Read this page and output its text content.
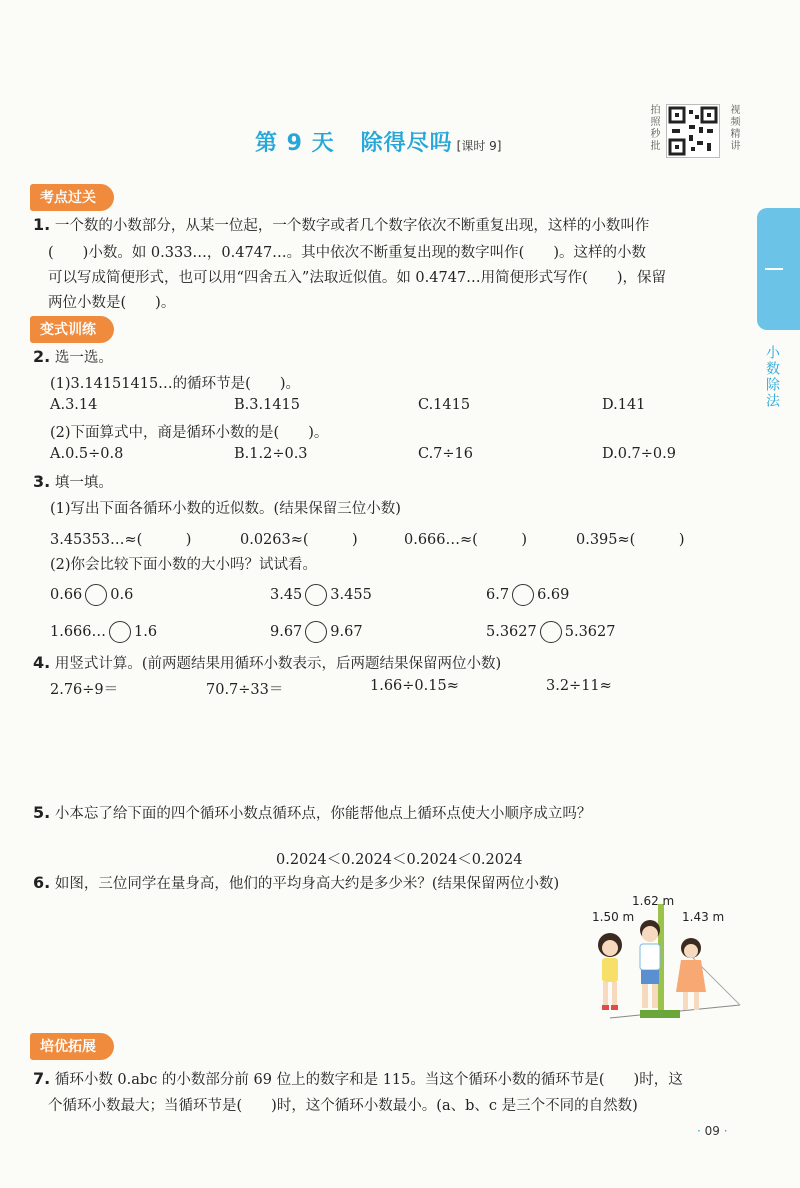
第 9 天 除得尽吗 [课时 9]	拍照秒批	视频精讲
小数除法
考点过关
1. 一个数的小数部分，从某一位起，一个数字或者几个数字依次不断重复出现，这样的小数叫作
(　　)小数。如 0.333…，0.4747…。其中依次不断重复出现的数字叫作(　　)。这样的小数
可以写成简便形式，也可以用“四舍五入”法取近似值。如 0.4747…用简便形式写作(　　)，保留
两位小数是(　　)。
变式训练
2. 选一选。
(1)3.14151415…的循环节是(　　)。
A.3.14	B.3.1415	C.1415	D.141
(2)下面算式中，商是循环小数的是(　　)。
A.0.5÷0.8	B.1.2÷0.3	C.7÷16	D.0.7÷0.9
3. 填一填。
(1)写出下面各循环小数的近似数。(结果保留三位小数)
3.45353…≈(　　　)	0.0263≈(　　　)	0.666…≈(　　　)	0.395≈(　　　)
(2)你会比较下面小数的大小吗？试试看。
0.66 0.6	3.45 3.455	6.7 6.69
1.666… 1.6	9.67 9.67	5.3627 5.3627
4. 用竖式计算。(前两题结果用循环小数表示，后两题结果保留两位小数)
2.76÷9＝	70.7÷33＝	1.66÷0.15≈	3.2÷11≈
5. 小本忘了给下面的四个循环小数点循环点，你能帮他点上循环点使大小顺序成立吗？
0.2024＜0.2024＜0.2024＜0.2024
6. 如图，三位同学在量身高，他们的平均身高大约是多少米？(结果保留两位小数)
1.50 m
1.62 m
1.43 m
培优拓展
7. 循环小数 0.abc 的小数部分前 69 位上的数字和是 115。当这个循环小数的循环节是(　　)时，这
个循环小数最大；当循环节是(　　)时，这个循环小数最小。(a、b、c 是三个不同的自然数)
· 09 ·
